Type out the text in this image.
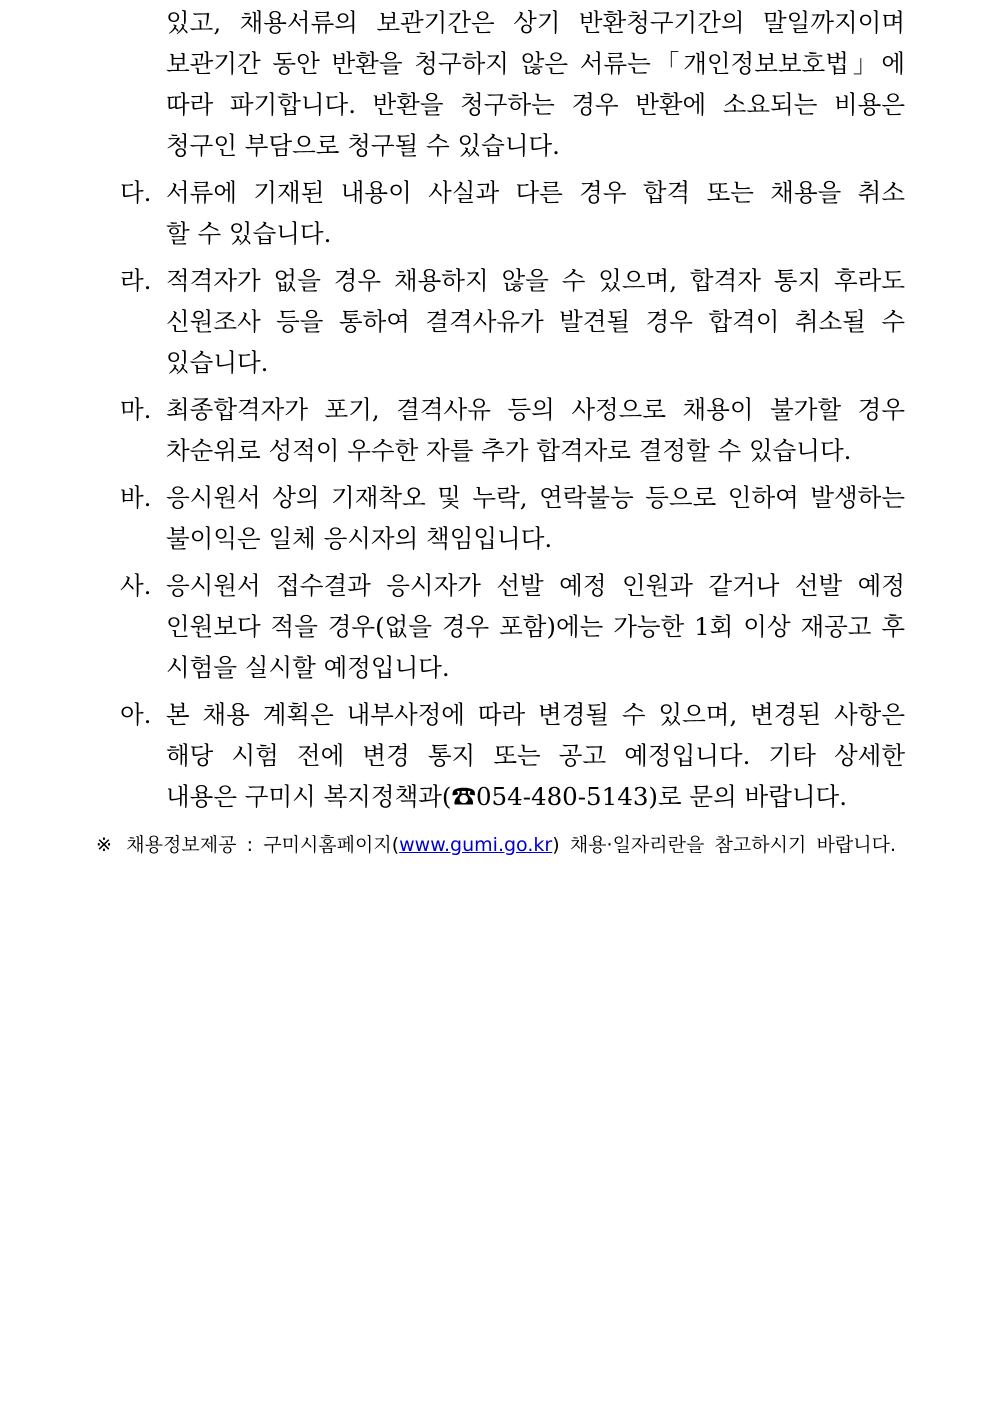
있고, 채용서류의 보관기간은 상기 반환청구기간의 말일까지이며
보관기간 동안 반환을 청구하지 않은 서류는「개인정보보호법」에
따라 파기합니다. 반환을 청구하는 경우 반환에 소요되는 비용은
청구인 부담으로 청구될 수 있습니다.
다. 서류에 기재된 내용이 사실과 다른 경우 합격 또는 채용을 취소
할 수 있습니다.
라. 적격자가 없을 경우 채용하지 않을 수 있으며, 합격자 통지 후라도
신원조사 등을 통하여 결격사유가 발견될 경우 합격이 취소될 수
있습니다.
마. 최종합격자가 포기, 결격사유 등의 사정으로 채용이 불가할 경우
차순위로 성적이 우수한 자를 추가 합격자로 결정할 수 있습니다.
바. 응시원서 상의 기재착오 및 누락, 연락불능 등으로 인하여 발생하는
불이익은 일체 응시자의 책임입니다.
사. 응시원서 접수결과 응시자가 선발 예정 인원과 같거나 선발 예정
인원보다 적을 경우(없을 경우 포함)에는 가능한 1회 이상 재공고 후
시험을 실시할 예정입니다.
아. 본 채용 계획은 내부사정에 따라 변경될 수 있으며, 변경된 사항은
해당 시험 전에 변경 통지 또는 공고 예정입니다. 기타 상세한
내용은 구미시 복지정책과(☎054-480-5143)로 문의 바랍니다.
※ 채용정보제공 : 구미시홈페이지(www.gumi.go.kr) 채용·일자리란을 참고하시기 바랍니다.
